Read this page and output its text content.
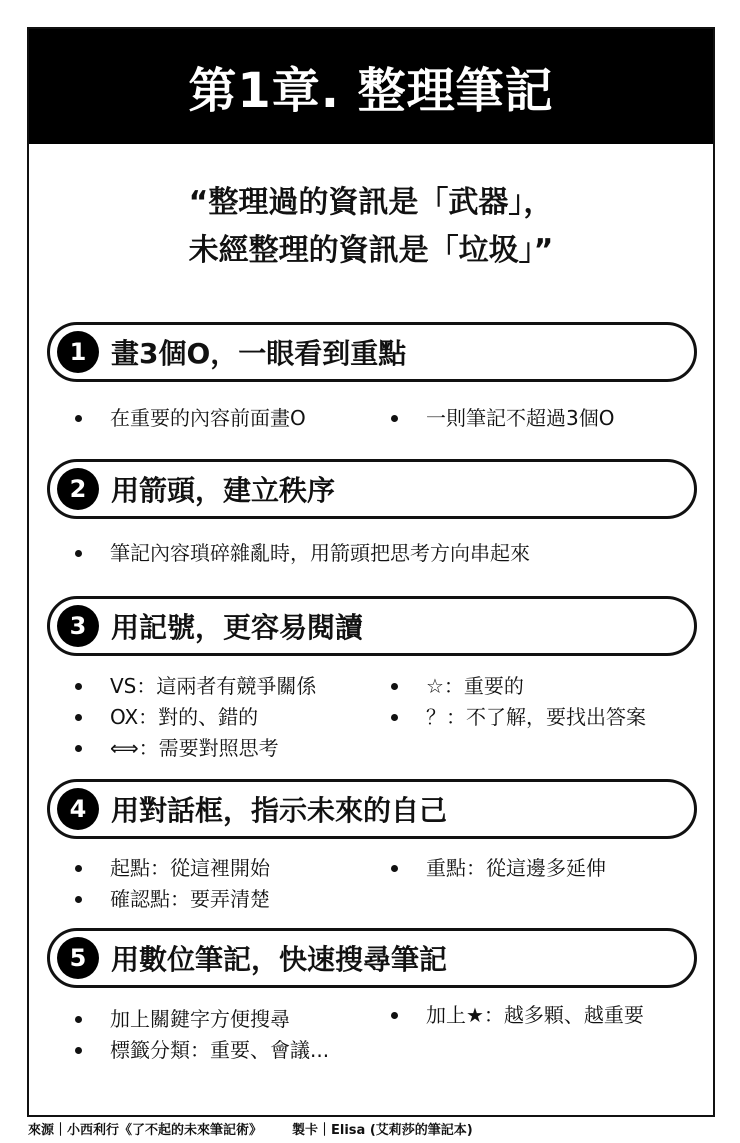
第1章. 整理筆記
“整理過的資訊是「武器」，
未經整理的資訊是「垃圾」”
1 畫3個O，一眼看到重點
在重要的內容前面畫O	一則筆記不超過3個O
2 用箭頭，建立秩序
筆記內容瑣碎雜亂時，用箭頭把思考方向串起來
3 用記號，更容易閱讀
VS：這兩者有競爭關係	☆：重要的
OX：對的、錯的	？：不了解，要找出答案
⟺：需要對照思考
4 用對話框，指示未來的自己
起點：從這裡開始	重點：從這邊多延伸
確認點：要弄清楚
5 用數位筆記，快速搜尋筆記
加上關鍵字方便搜尋	加上★：越多顆、越重要
標籤分類：重要、會議...
來源｜小西利行《了不起的未來筆記術》 製卡｜Elisa (艾莉莎的筆記本)
